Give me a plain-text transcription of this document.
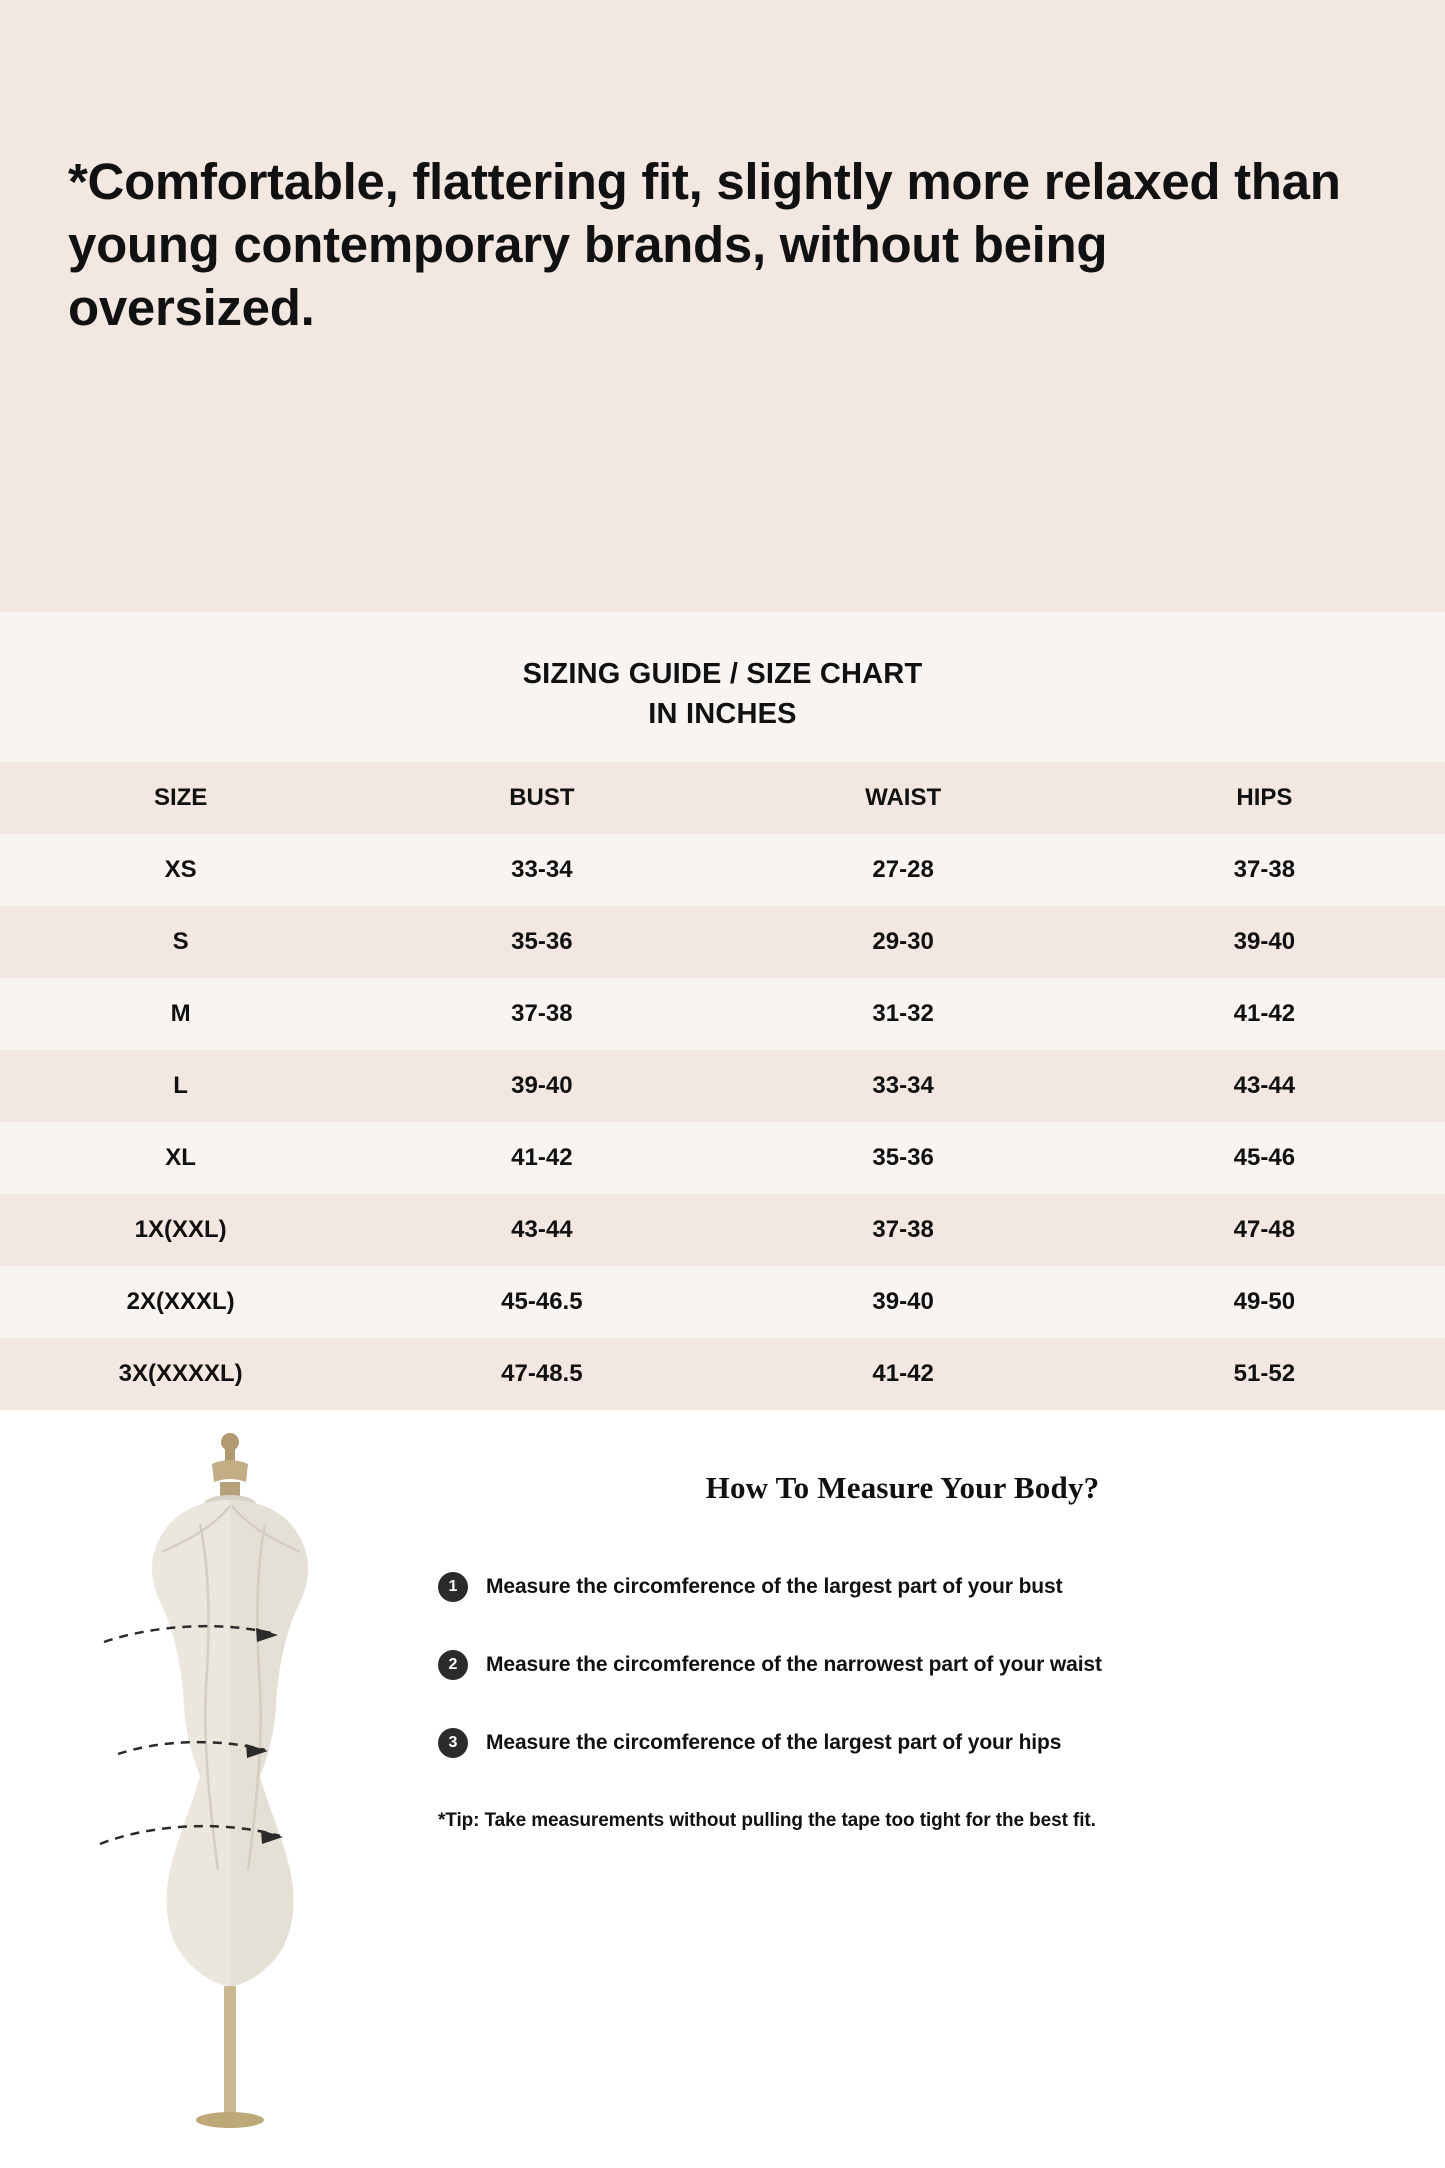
*Comfortable, flattering fit, slightly more relaxed than young contemporary brands, without being oversized.
SIZING GUIDE / SIZE CHART
IN INCHES
SIZE	BUST	WAIST	HIPS
XS	33-34	27-28	37-38
S	35-36	29-30	39-40
M	37-38	31-32	41-42
L	39-40	33-34	43-44
XL	41-42	35-36	45-46
1X(XXL)	43-44	37-38	47-48
2X(XXXL)	45-46.5	39-40	49-50
3X(XXXXL)	47-48.5	41-42	51-52
How To Measure Your Body?
1	Measure the circomference of the largest part of your bust
2	Measure the circomference of the narrowest part of your waist
3	Measure the circomference of the largest part of your hips
*Tip: Take measurements without pulling the tape too tight for the best fit.
